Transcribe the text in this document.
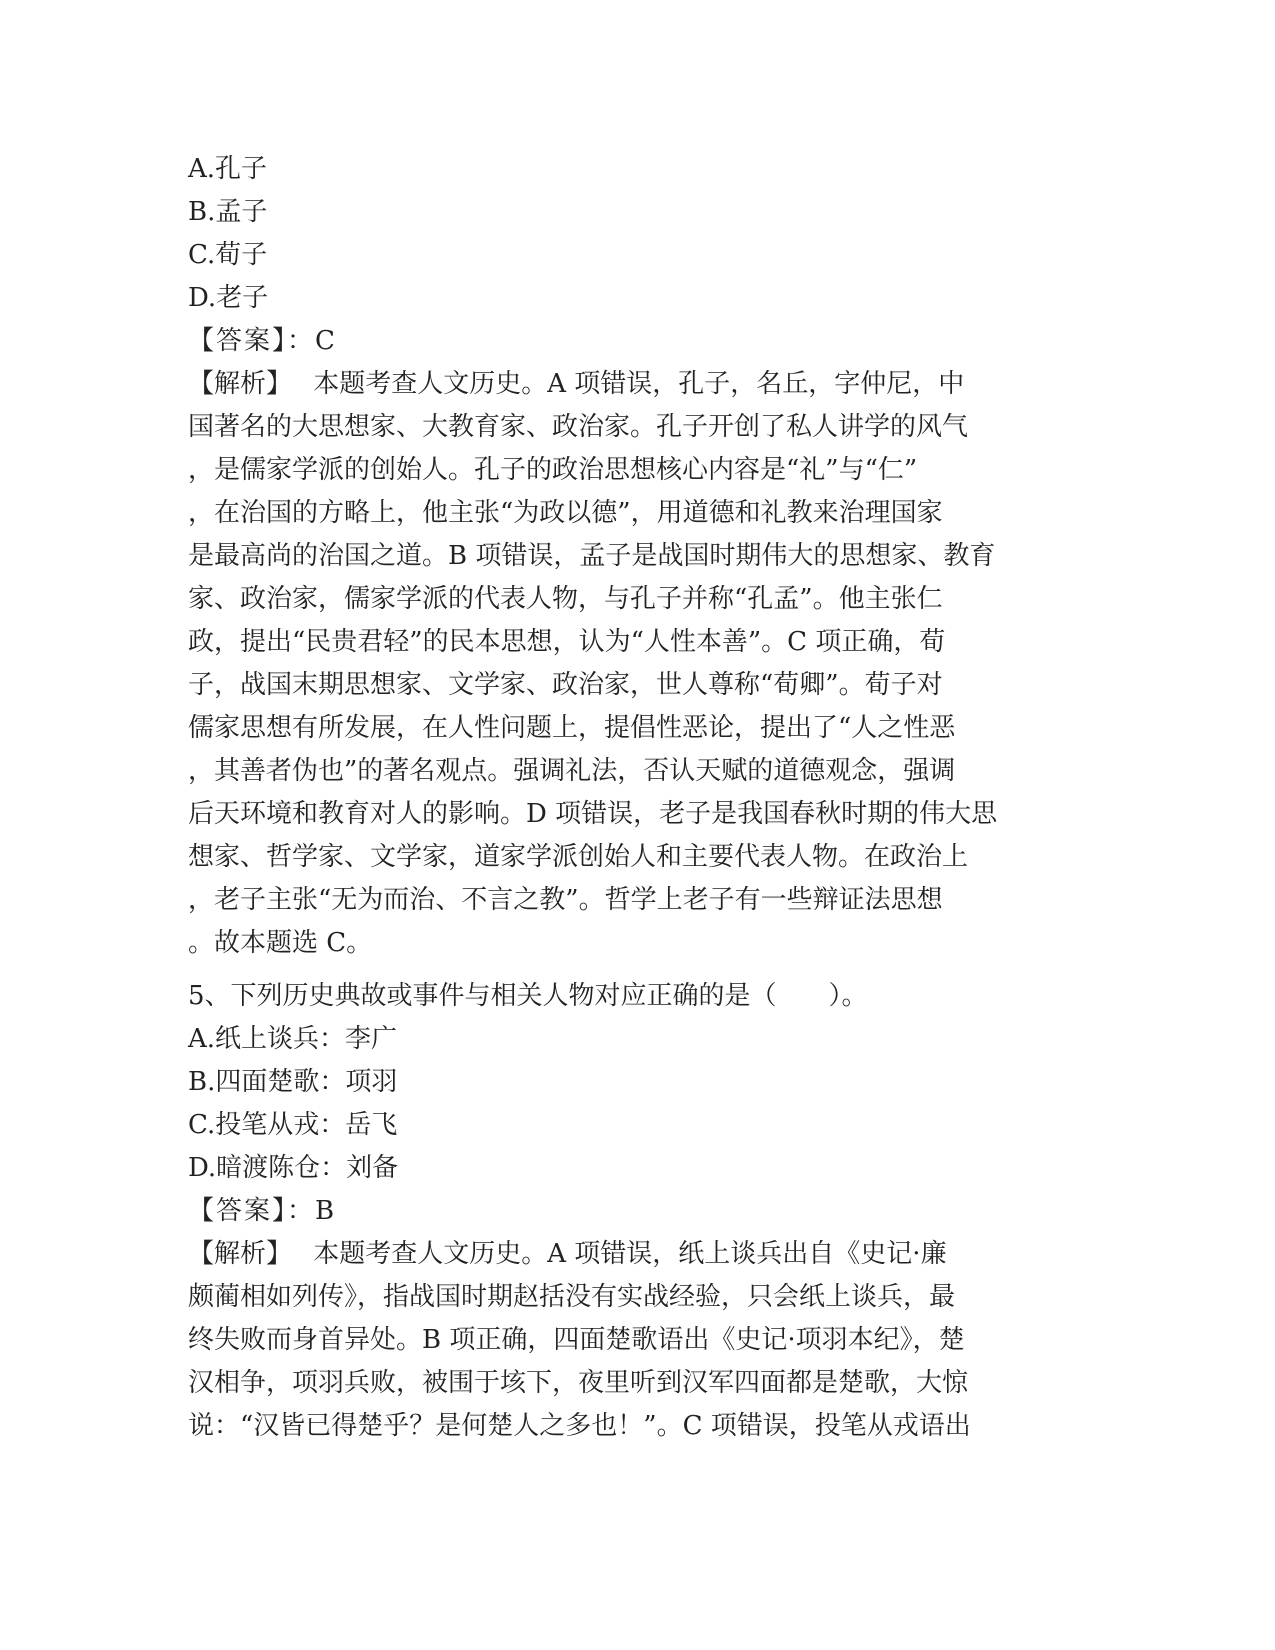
A.孔子
B.孟子
C.荀子
D.老子
【答案】：C
【解析】　 本题考查人文历史。A 项错误，孔子，名丘，字仲尼，中
国著名的大思想家、大教育家、政治家。孔子开创了私人讲学的风气
，是儒家学派的创始人。孔子的政治思想核心内容是“礼”与“仁”
，在治国的方略上，他主张“为政以德”，用道德和礼教来治理国家
是最高尚的治国之道。B 项错误，孟子是战国时期伟大的思想家、教育
家、政治家，儒家学派的代表人物，与孔子并称“孔孟”。他主张仁
政，提出“民贵君轻”的民本思想，认为“人性本善”。C 项正确，荀
子，战国末期思想家、文学家、政治家，世人尊称“荀卿”。荀子对
儒家思想有所发展，在人性问题上，提倡性恶论，提出了“人之性恶
，其善者伪也”的著名观点。强调礼法，否认天赋的道德观念，强调
后天环境和教育对人的影响。D 项错误，老子是我国春秋时期的伟大思
想家、哲学家、文学家，道家学派创始人和主要代表人物。在政治上
，老子主张“无为而治、不言之教”。哲学上老子有一些辩证法思想
。故本题选 C。
5、下列历史典故或事件与相关人物对应正确的是（　　）。
A.纸上谈兵：李广
B.四面楚歌：项羽
C.投笔从戎：岳飞
D.暗渡陈仓：刘备
【答案】：B
【解析】　 本题考查人文历史。A 项错误，纸上谈兵出自《史记·廉
颇蔺相如列传》，指战国时期赵括没有实战经验，只会纸上谈兵，最
终失败而身首异处。B 项正确，四面楚歌语出《史记·项羽本纪》，楚
汉相争，项羽兵败，被围于垓下，夜里听到汉军四面都是楚歌，大惊
说：“汉皆已得楚乎？是何楚人之多也！”。C 项错误，投笔从戎语出
